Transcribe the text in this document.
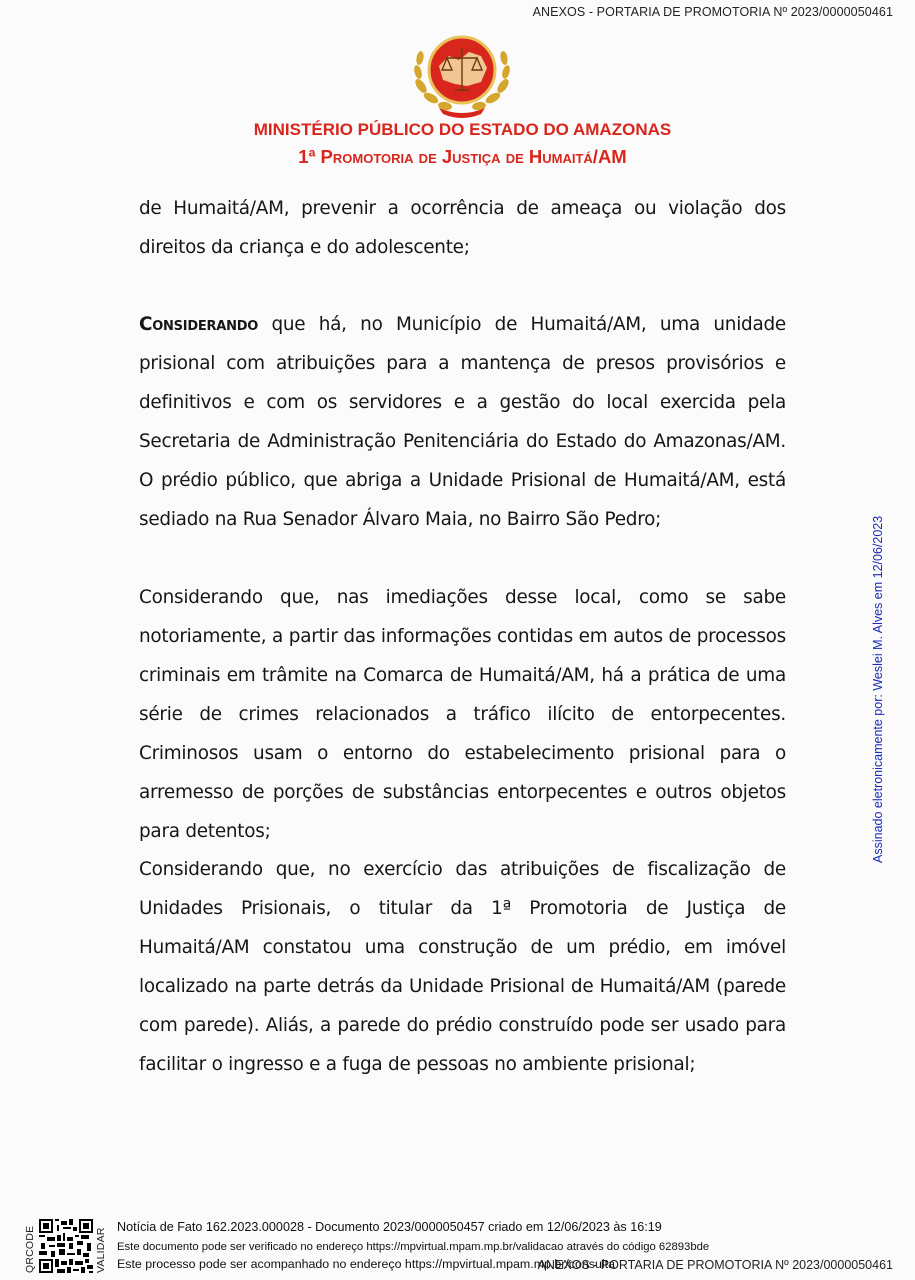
ANEXOS - PORTARIA DE PROMOTORIA Nº 2023/0000050461
MINISTÉRIO PÚBLICO DO ESTADO DO AMAZONAS
1ª Promotoria de Justiça de Humaitá/AM

de Humaitá/AM, prevenir a ocorrência de ameaça ou violação dos direitos da criança e do adolescente;

Considerando que há, no Município de Humaitá/AM, uma unidade prisional com atribuições para a mantença de presos provisórios e definitivos e com os servidores e a gestão do local exercida pela Secretaria de Administração Penitenciária do Estado do Amazonas/AM. O prédio público, que abriga a Unidade Prisional de Humaitá/AM, está sediado na Rua Senador Álvaro Maia, no Bairro São Pedro;

Considerando que, nas imediações desse local, como se sabe notoriamente, a partir das informações contidas em autos de processos criminais em trâmite na Comarca de Humaitá/AM, há a prática de uma série de crimes relacionados a tráfico ilícito de entorpecentes. Criminosos usam o entorno do estabelecimento prisional para o arremesso de porções de substâncias entorpecentes e outros objetos para detentos;

Considerando que, no exercício das atribuições de fiscalização de Unidades Prisionais, o titular da 1ª Promotoria de Justiça de Humaitá/AM constatou uma construção de um prédio, em imóvel localizado na parte detrás da Unidade Prisional de Humaitá/AM (parede com parede). Aliás, a parede do prédio construído pode ser usado para facilitar o ingresso e a fuga de pessoas no ambiente prisional;

Assinado eletronicamente por: Weslei M. Alves em 12/06/2023
QRCODE	VALIDAR
Notícia de Fato 162.2023.000028 - Documento 2023/0000050457 criado em 12/06/2023 às 16:19
Este documento pode ser verificado no endereço https://mpvirtual.mpam.mp.br/validacao através do código 62893bde
Este processo pode ser acompanhado no endereço https://mpvirtual.mpam.mp.br/consulta
ANEXOS - PORTARIA DE PROMOTORIA Nº 2023/0000050461
